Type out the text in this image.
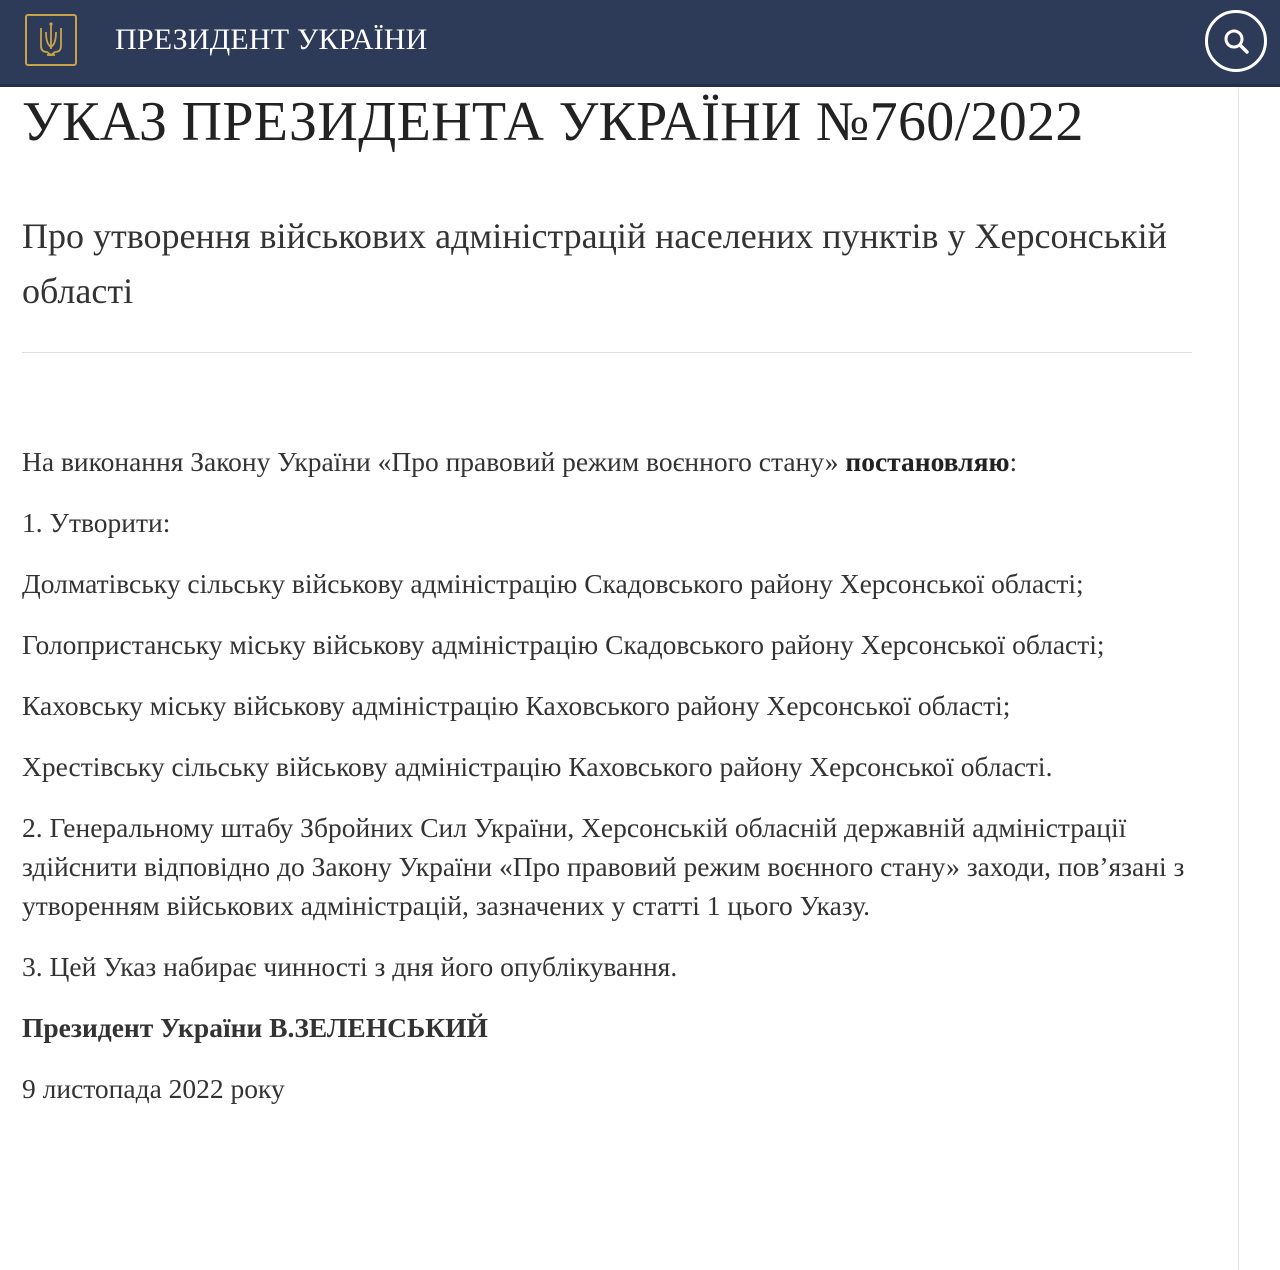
ПРЕЗИДЕНТ УКРАЇНИ
УКАЗ ПРЕЗИДЕНТА УКРАЇНИ №760/2022
Про утворення військових адміністрацій населених пунктів у Херсонській області

На виконання Закону України «Про правовий режим воєнного стану» постановляю:

1. Утворити:

Долматівську сільську військову адміністрацію Скадовського району Херсонської області;

Голопристанську міську військову адміністрацію Скадовського району Херсонської області;

Каховську міську військову адміністрацію Каховського району Херсонської області;

Хрестівську сільську військову адміністрацію Каховського району Херсонської області.

2. Генеральному штабу Збройних Сил України, Херсонській обласній державній адміністрації здійснити відповідно до Закону України «Про правовий режим воєнного стану» заходи, пов’язані з утворенням військових адміністрацій, зазначених у статті 1 цього Указу.

3. Цей Указ набирає чинності з дня його опублікування.

Президент України В.ЗЕЛЕНСЬКИЙ

9 листопада 2022 року
